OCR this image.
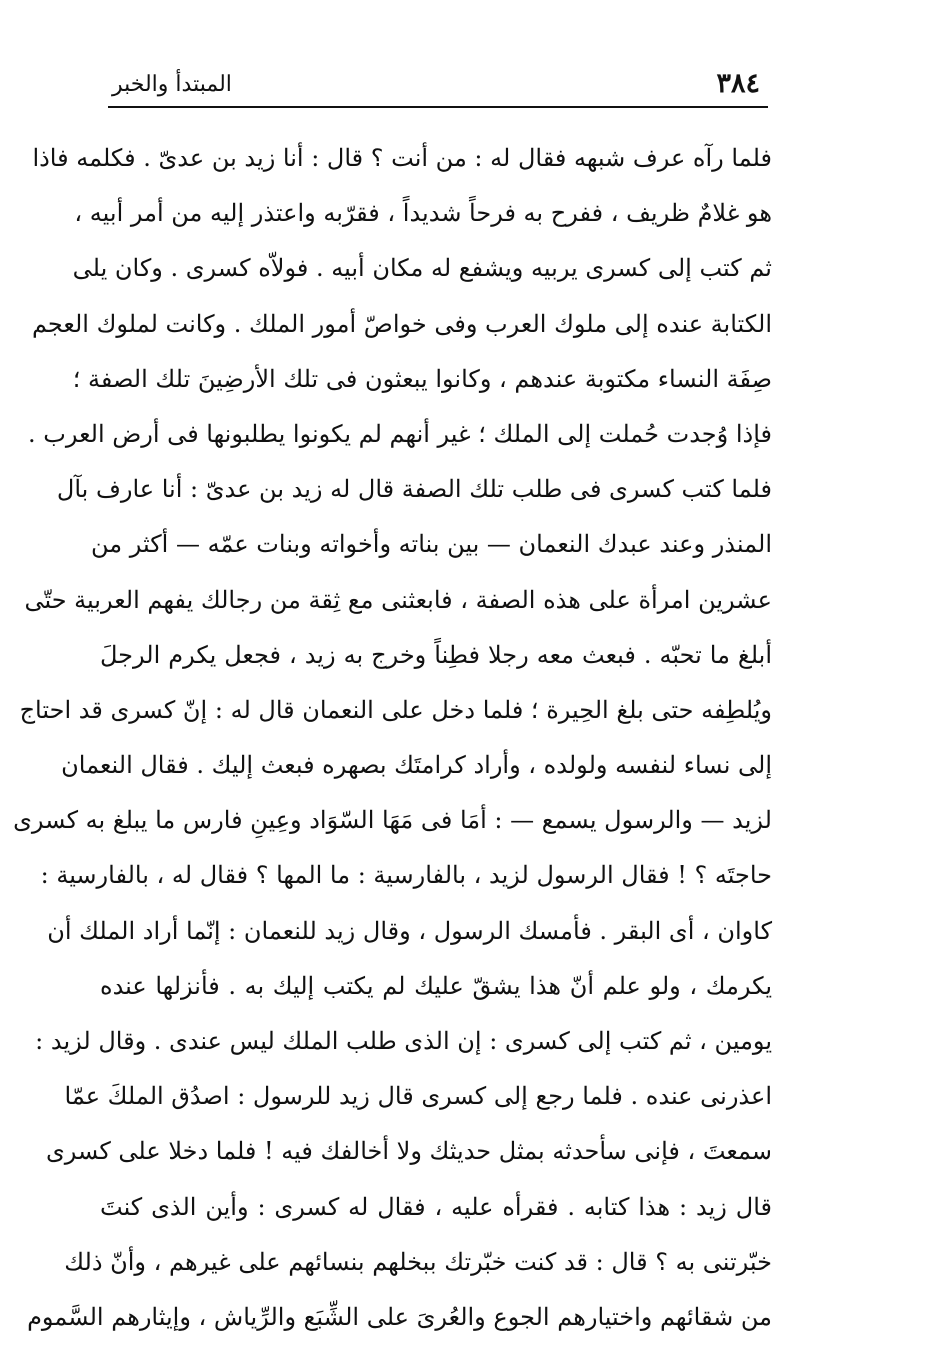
٣٨٤
المبتدأ والخبر
فلما رآه عرف شبهه فقال له : من أنت ؟ قال : أنا زيد بن عدىّ . فكلمه فاذا
هو غلامٌ ظريف ، ففرح به فرحاً شديداً ، فقرّبه واعتذر إليه من أمر أبيه ،
ثم كتب إلى كسرى يربيه ويشفع له مكان أبيه . فولاّه كسرى . وكان يلى
الكتابة عنده إلى ملوك العرب وفى خواصّ أمور الملك . وكانت لملوك العجم
صِفَة النساء مكتوبة عندهم ، وكانوا يبعثون فى تلك الأرضِينَ تلك الصفة ؛
فإذا وُجدت حُملت إلى الملك ؛ غير أنهم لم يكونوا يطلبونها فى أرض العرب .
فلما كتب كسرى فى طلب تلك الصفة قال له زيد بن عدىّ : أنا عارف بآل
المنذر وعند عبدك النعمان — بين بناته وأخواته وبنات عمّه — أكثر من
عشرين امرأة على هذه الصفة ، فابعثنى مع ثِقة من رجالك يفهم العربية حتّى
أبلغ ما تحبّه . فبعث معه رجلا فطِناً وخرج به زيد ، فجعل يكرم الرجلَ
ويُلطِفه حتى بلغ الحِيرة ؛ فلما دخل على النعمان قال له : إنّ كسرى قد احتاج
إلى نساء لنفسه ولولده ، وأراد كرامتَك بصهره فبعث إليك . فقال النعمان
لزيد — والرسول يسمع — : أمَا فى مَهَا السّوَاد وعِينِ فارس ما يبلغ به كسرى
حاجتَه ؟ ! فقال الرسول لزيد ، بالفارسية : ما المها ؟ فقال له ، بالفارسية :
كاوان ، أى البقر . فأمسك الرسول ، وقال زيد للنعمان : إنّما أراد الملك أن
يكرمك ، ولو علم أنّ هذا يشقّ عليك لم يكتب إليك به . فأنزلها عنده
يومين ، ثم كتب إلى كسرى : إن الذى طلب الملك ليس عندى . وقال لزيد :
اعذرنى عنده . فلما رجع إلى كسرى قال زيد للرسول : اصدُق الملكَ عمّا
سمعتَ ، فإنى سأحدثه بمثل حديثك ولا أخالفك فيه ! فلما دخلا على كسرى
قال زيد : هذا كتابه . فقرأه عليه ، فقال له كسرى : وأين الذى كنتَ
خبّرتنى به ؟ قال : قد كنت خبّرتك ببخلهم بنسائهم على غيرهم ، وأنّ ذلك
من شقائهم واختيارهم الجوع والعُرىَ على الشِّبَع والرِّياش ، وإيثارهم السَّموم
